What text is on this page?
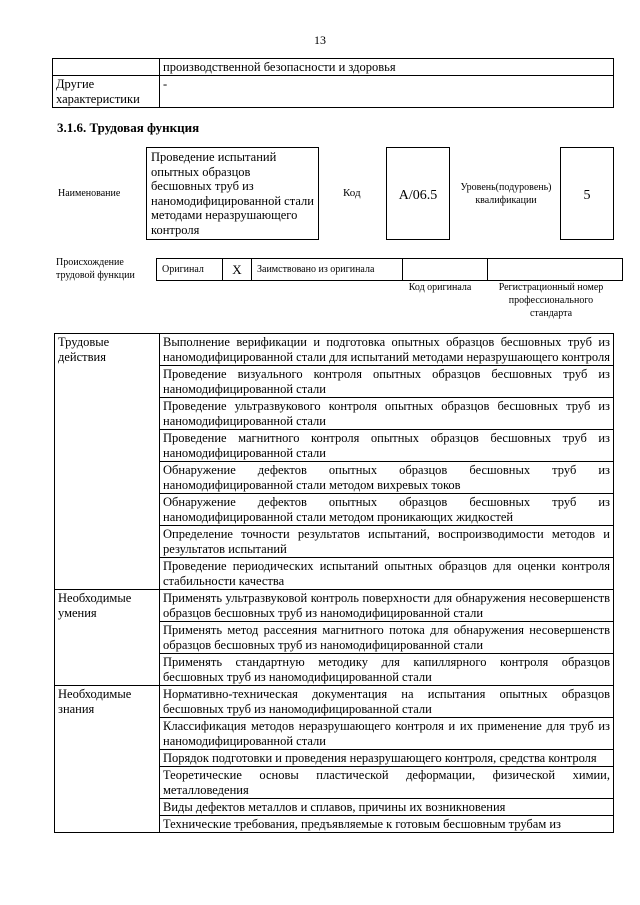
13
	производственной безопасности и здоровья
Другие характеристики	-
3.1.6. Трудовая функция
Наименование
Проведение испытаний опытных образцов бесшовных труб из наномодифицированной стали методами неразрушающего контроля
Код	А/06.5
Уровень(подуровень) квалификации	5
Происхождение трудовой функции
Оригинал	X	Заимствовано из оригинала		
Код оригинала	Регистрационный номер профессионального стандарта
Трудовые действия	Выполнение верификации и подготовка опытных образцов бесшовных труб из наномодифицированной стали для испытаний методами неразрушающего контроля
	Проведение визуального контроля опытных образцов бесшовных труб из наномодифицированной стали
	Проведение ультразвукового контроля опытных образцов бесшовных труб из наномодифицированной стали
	Проведение магнитного контроля опытных образцов бесшовных труб из наномодифицированной стали
	Обнаружение дефектов опытных образцов бесшовных труб из наномодифицированной стали методом вихревых токов
	Обнаружение дефектов опытных образцов бесшовных труб из наномодифицированной стали методом проникающих жидкостей
	Определение точности результатов испытаний, воспроизводимости методов и результатов испытаний
	Проведение периодических испытаний опытных образцов для оценки контроля стабильности качества
Необходимые умения	Применять ультразвуковой контроль поверхности для обнаружения несовершенств образцов бесшовных труб из наномодифицированной стали
	Применять метод рассеяния магнитного потока для обнаружения несовершенств образцов бесшовных труб из наномодифицированной стали
	Применять стандартную методику для капиллярного контроля образцов бесшовных труб из наномодифицированной стали
Необходимые знания	Нормативно-техническая документация на испытания опытных образцов бесшовных труб из наномодифицированной стали
	Классификация методов неразрушающего контроля и их применение для труб из наномодифицированной стали
	Порядок подготовки и проведения неразрушающего контроля, средства контроля
	Теоретические основы пластической деформации, физической химии, металловедения
	Виды дефектов металлов и сплавов, причины их возникновения
	Технические требования, предъявляемые к готовым бесшовным трубам из
